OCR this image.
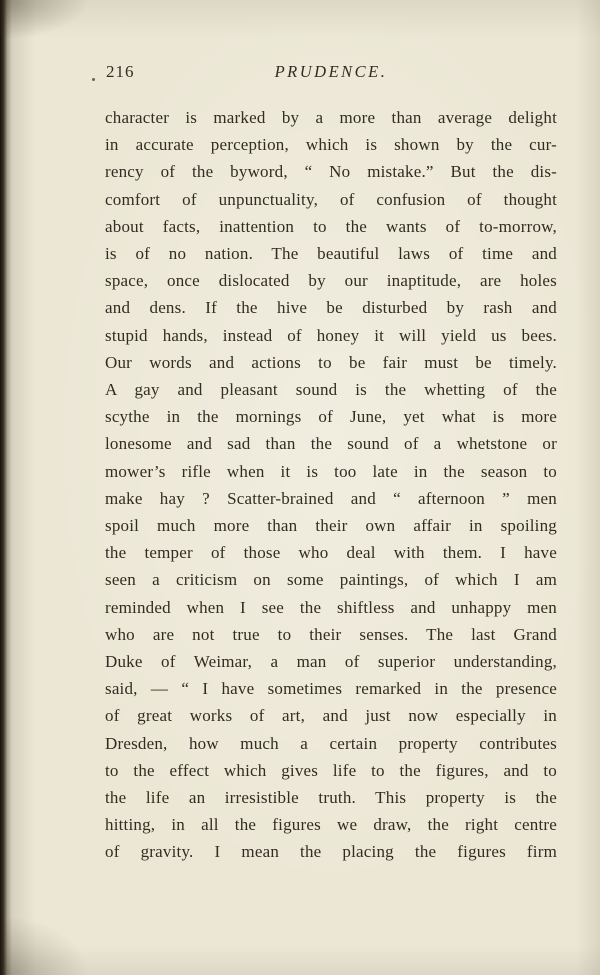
216	PRUDENCE.
character is marked by a more than average delight
in accurate perception, which is shown by the cur-
rency of the byword, “ No mistake.” But the dis-
comfort of unpunctuality, of confusion of thought
about facts, inattention to the wants of to-morrow,
is of no nation. The beautiful laws of time and
space, once dislocated by our inaptitude, are holes
and dens. If the hive be disturbed by rash and
stupid hands, instead of honey it will yield us bees.
Our words and actions to be fair must be timely.
A gay and pleasant sound is the whetting of the
scythe in the mornings of June, yet what is more
lonesome and sad than the sound of a whetstone or
mower’s rifle when it is too late in the season to
make hay ? Scatter-brained and “ afternoon ” men
spoil much more than their own affair in spoiling
the temper of those who deal with them. I have
seen a criticism on some paintings, of which I am
reminded when I see the shiftless and unhappy men
who are not true to their senses. The last Grand
Duke of Weimar, a man of superior understanding,
said, — “ I have sometimes remarked in the presence
of great works of art, and just now especially in
Dresden, how much a certain property contributes
to the effect which gives life to the figures, and to
the life an irresistible truth. This property is the
hitting, in all the figures we draw, the right centre
of gravity. I mean the placing the figures firm
